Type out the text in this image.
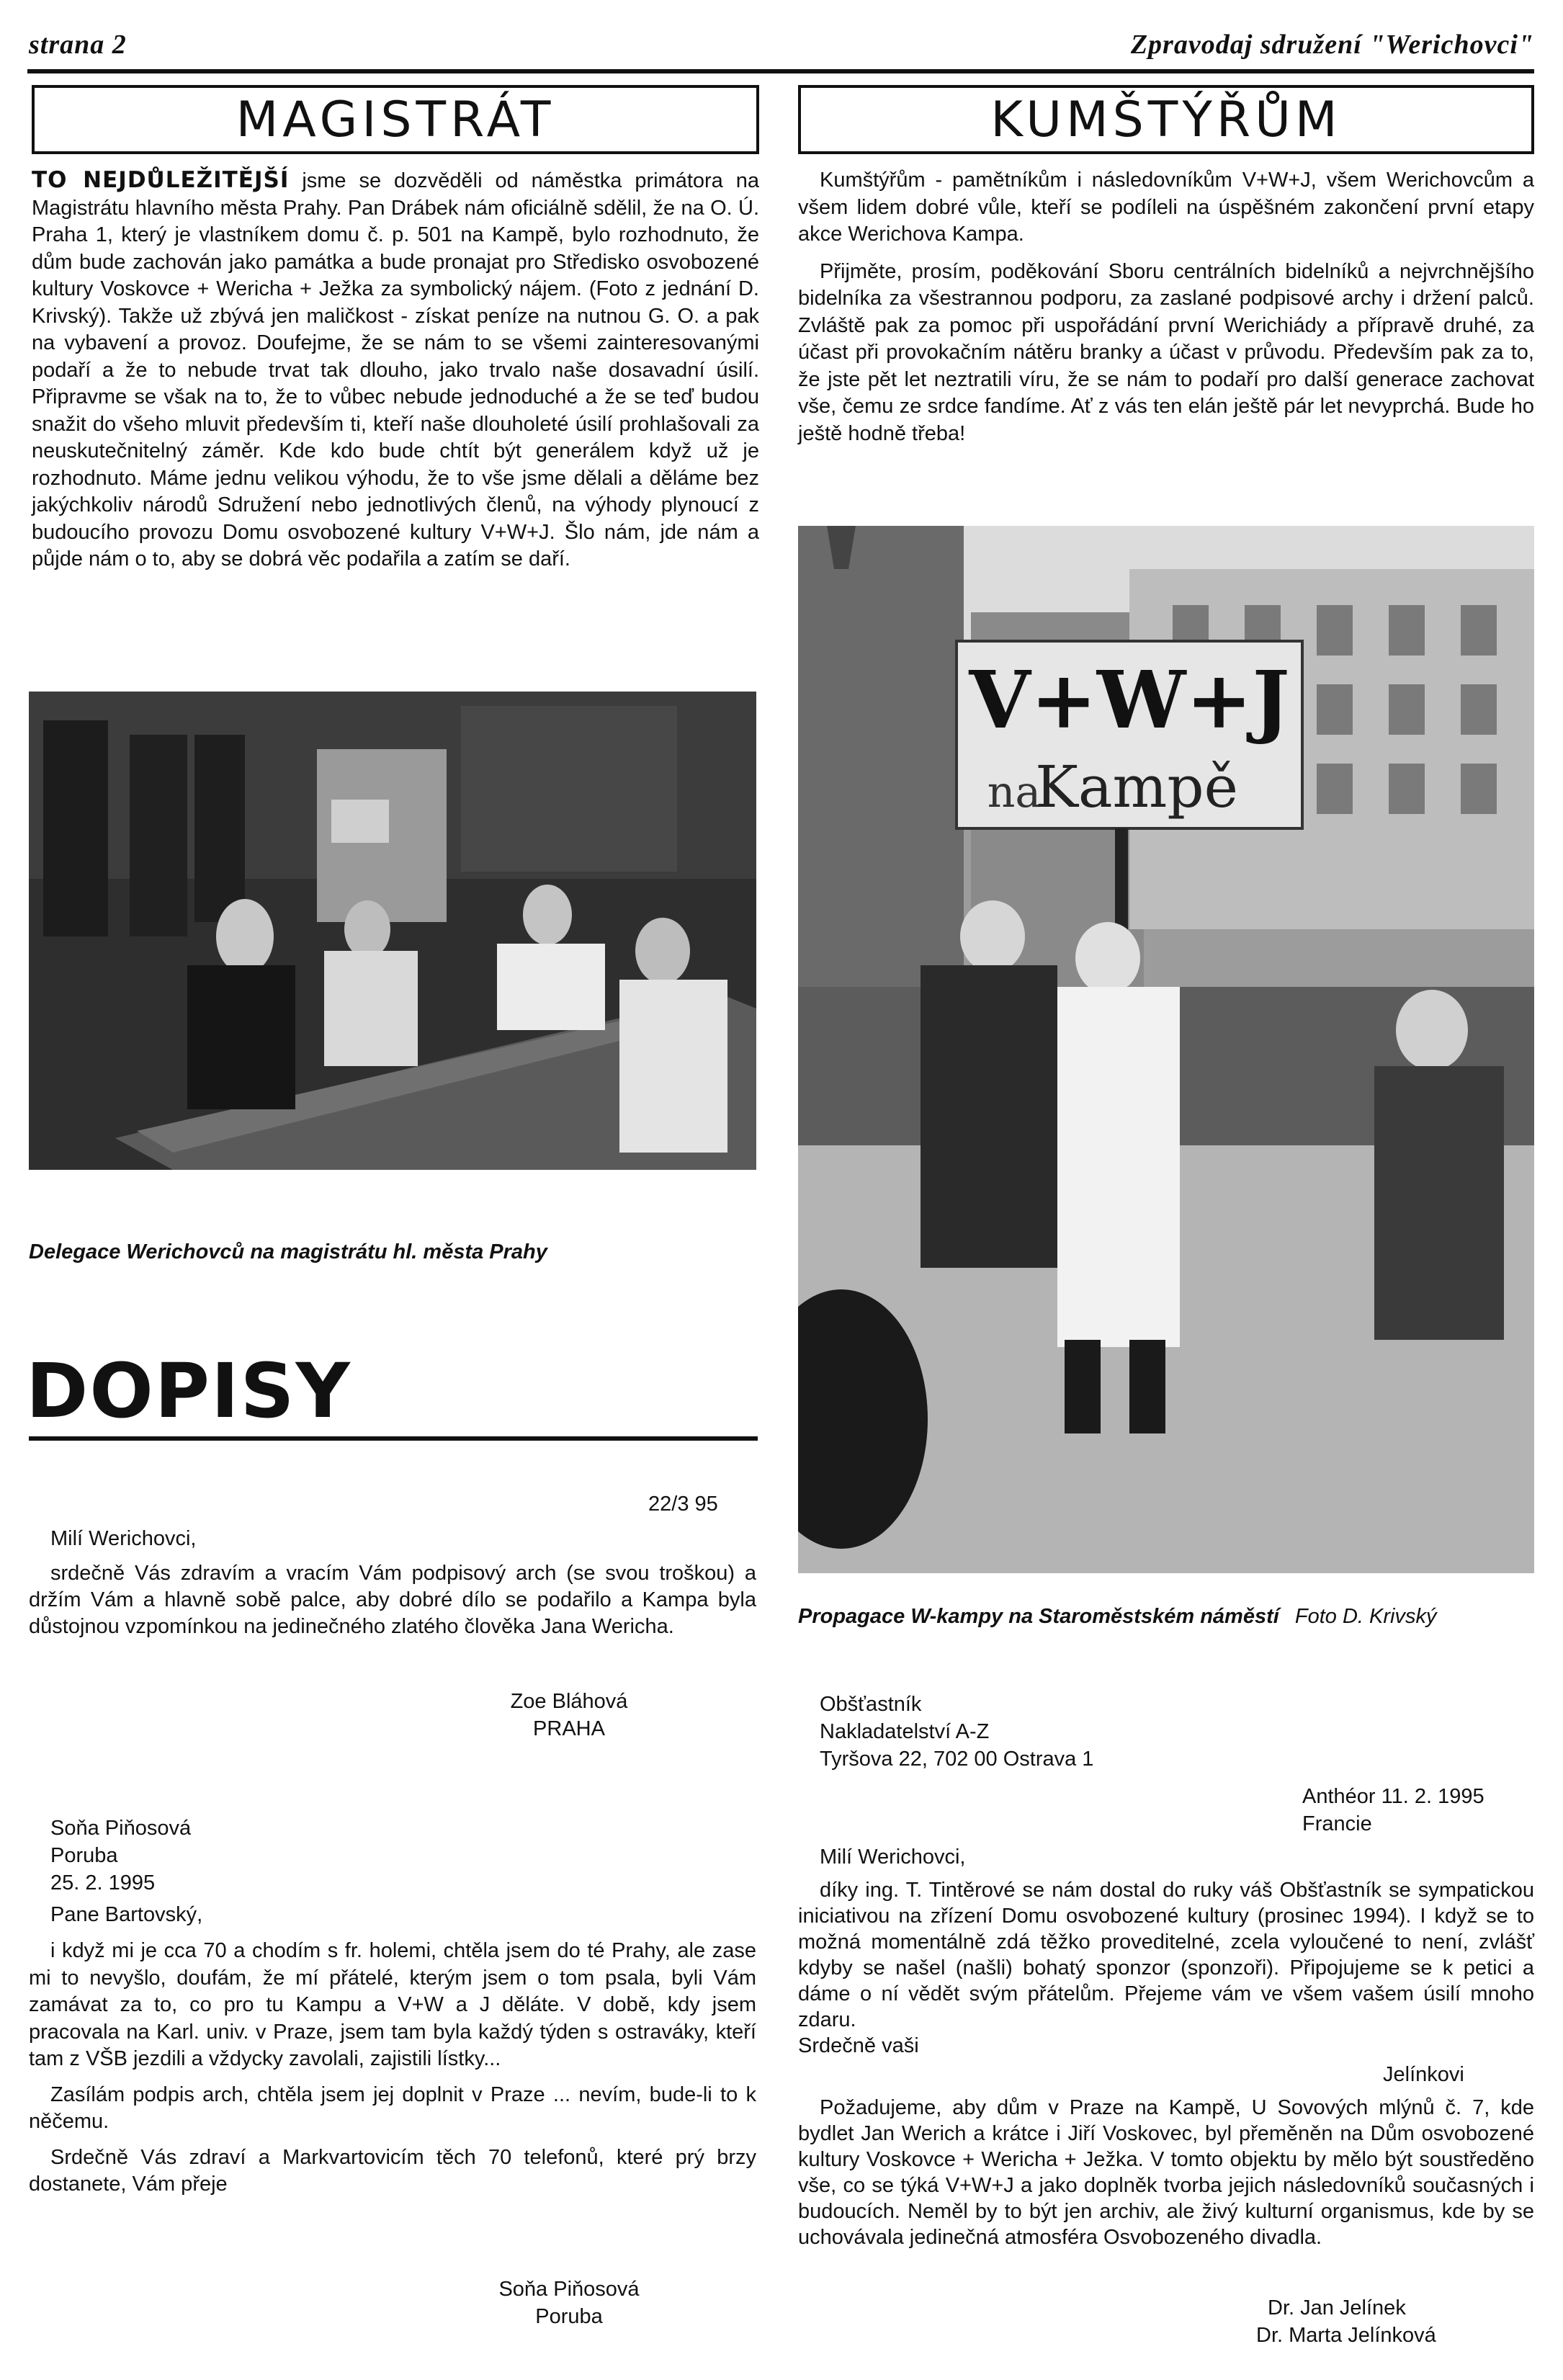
strana 2	Zpravodaj sdružení "Werichovci"
MAGISTRÁT

TO NEJDŮLEŽITĚJŠÍ jsme se dozvěděli od náměstka primátora na Magistrátu hlavního města Prahy. Pan Drábek nám oficiálně sdělil, že na O. Ú. Praha 1, který je vlastníkem domu č. p. 501 na Kampě, bylo rozhodnuto, že dům bude zachován jako památka a bude pronajat pro Středisko osvobozené kultury Voskovce + Wericha + Ježka za symbolický nájem. (Foto z jednání D. Krivský). Takže už zbývá jen maličkost - získat peníze na nutnou G. O. a pak na vybavení a provoz. Doufejme, že se nám to se všemi zainteresovanými podaří a že to nebude trvat tak dlouho, jako trvalo naše dosavadní úsilí. Připravme se však na to, že to vůbec nebude jednoduché a že se teď budou snažit do všeho mluvit především ti, kteří naše dlouholeté úsilí prohlašovali za neuskutečnitelný záměr. Kde kdo bude chtít být generálem když už je rozhodnuto. Máme jednu velikou výhodu, že to vše jsme dělali a děláme bez jakýchkoliv národů Sdružení nebo jednotlivých členů, na výhody plynoucí z budoucího provozu Domu osvobozené kultury V+W+J. Šlo nám, jde nám a půjde nám o to, aby se dobrá věc podařila a zatím se daří.

Delegace Werichovců na magistrátu hl. města Prahy
DOPISY
22/3 95
Milí Werichovci,

srdečně Vás zdravím a vracím Vám podpisový arch (se svou troškou) a držím Vám a hlavně sobě palce, aby dobré dílo se podařilo a Kampa byla důstojnou vzpomínkou na jedinečného zlatého člověka Jana Wericha.

Zoe Bláhová
PRAHA
Soňa Piňosová
Poruba
25. 2. 1995
Pane Bartovský,

i když mi je cca 70 a chodím s fr. holemi, chtěla jsem do té Prahy, ale zase mi to nevyšlo, doufám, že mí přátelé, kterým jsem o tom psala, byli Vám zamávat za to, co pro tu Kampu a V+W a J děláte. V době, kdy jsem pracovala na Karl. univ. v Praze, jsem tam byla každý týden s ostraváky, kteří tam z VŠB jezdili a vždycky zavolali, zajistili lístky...

Zasílám podpis arch, chtěla jsem jej doplnit v Praze ... nevím, bude-li to k něčemu.

Srdečně Vás zdraví a Markvartovicím těch 70 telefonů, které prý brzy dostanete, Vám přeje

Soňa Piňosová
Poruba
KUMŠTÝŘŮM

Kumštýřům - pamětníkům i následovníkům V+W+J, všem Werichovcům a všem lidem dobré vůle, kteří se podíleli na úspěšném zakončení první etapy akce Werichova Kampa.

Přijměte, prosím, poděkování Sboru centrálních bidelníků a nejvrchnějšího bidelníka za všestrannou podporu, za zaslané podpisové archy i držení palců. Zvláště pak za pomoc při uspořádání první Werichiády a přípravě druhé, za účast při provokačním nátěru branky a účast v průvodu. Především pak za to, že jste pět let neztratili víru, že se nám to podaří pro další generace zachovat vše, čemu ze srdce fandíme. Ať z vás ten elán ještě pár let nevyprchá. Bude ho ještě hodně třeba!

V+W+J
na
Kampě
Propagace W-kampy na Staroměstském náměstí Foto D. Krivský
Obšťastník
Nakladatelství A-Z
Tyršova 22, 702 00 Ostrava 1
Anthéor 11. 2. 1995
Francie
Milí Werichovci,

díky ing. T. Tintěrové se nám dostal do ruky váš Obšťastník se sympatickou iniciativou na zřízení Domu osvobozené kultury (prosinec 1994). I když se to možná momentálně zdá těžko proveditelné, zcela vyloučené to není, zvlášť kdyby se našel (našli) bohatý sponzor (sponzoři). Připojujeme se k petici a dáme o ní vědět svým přátelům. Přejeme vám ve všem vašem úsilí mnoho zdaru.

Srdečně vaši

Jelínkovi

Požadujeme, aby dům v Praze na Kampě, U Sovových mlýnů č. 7, kde bydlet Jan Werich a krátce i Jiří Voskovec, byl přeměněn na Dům osvobozené kultury Voskovce + Wericha + Ježka. V tomto objektu by mělo být soustředěno vše, co se týká V+W+J a jako doplněk tvorba jejich následovníků současných i budoucích. Neměl by to být jen archiv, ale živý kulturní organismus, kde by se uchovávala jedinečná atmosféra Osvobozeného divadla.

Dr. Jan Jelínek
Dr. Marta Jelínková
